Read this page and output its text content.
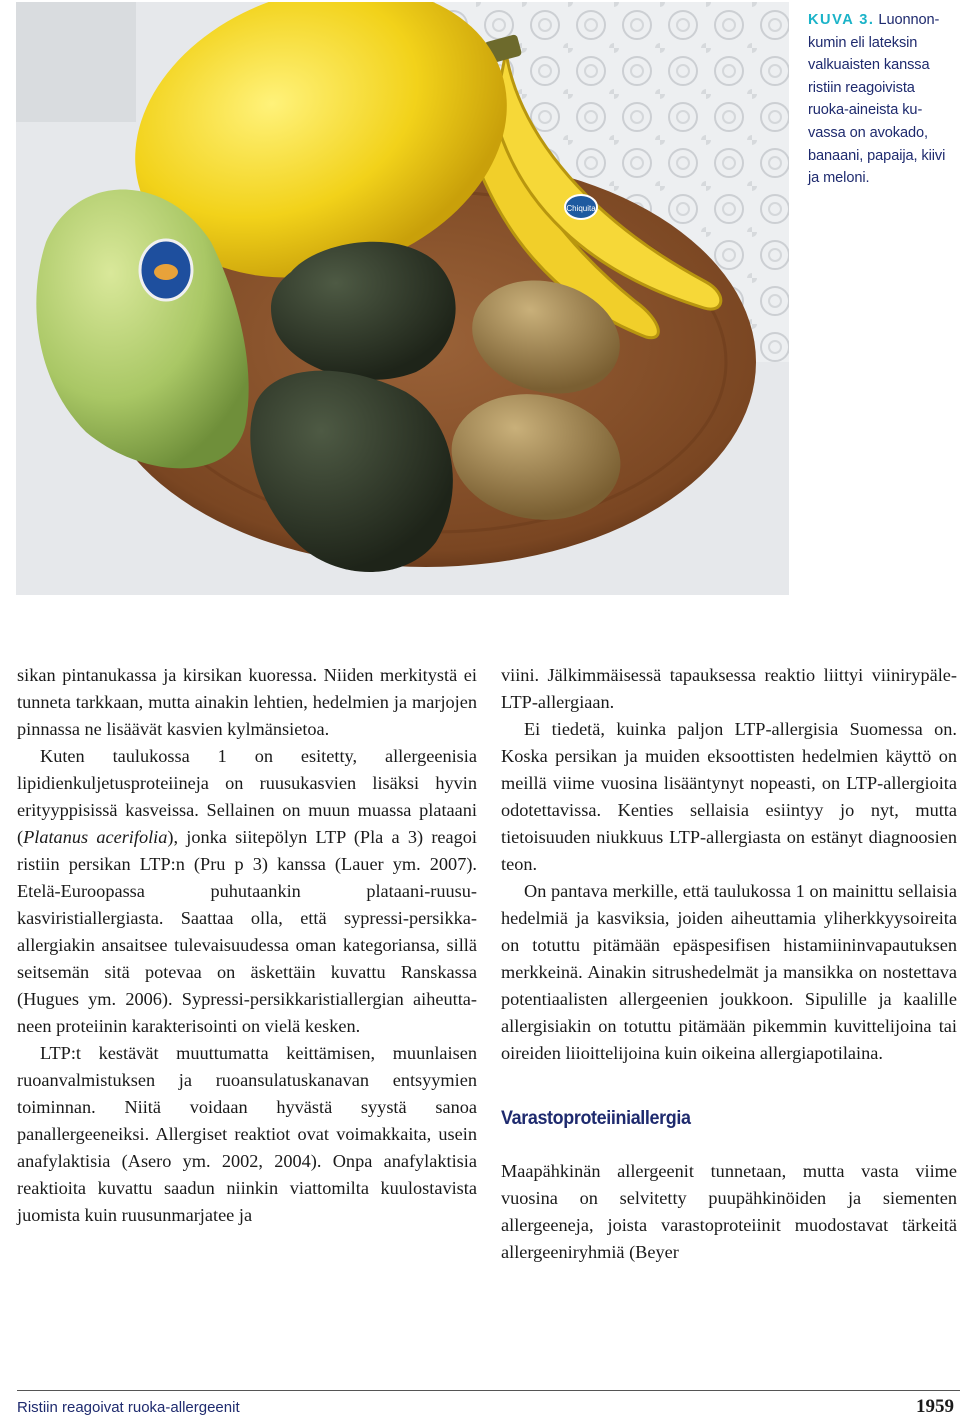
Chiquita
KUVA 3. Luonnonkumin eli lateksin valkuaisten kanssa ristiin reagoivista ruoka-aineista kuvassa on avokado, banaani, papaija, kiivi ja meloni.

sikan pintanukassa ja kirsikan kuoressa. Niiden merkitystä ei tunneta tarkkaan, mutta ainakin lehtien, hedelmien ja marjojen pinnassa ne lisäävät kasvien kylmänsietoa.

Kuten taulukossa 1 on esitetty, allergeenisia lipidienkuljetusproteiineja on ruusukasvien lisäksi hyvin erityyppisissä kasveissa. Sellainen on muun muassa plataani (Platanus acerifolia), jonka siitepölyn LTP (Pla a 3) reagoi ristiin persikan LTP:n (Pru p 3) kanssa (Lauer ym. 2007). Etelä-Euroopassa puhutaankin plataani-ruusukasviristiallergiasta. Saattaa olla, että sypressi-persikka-allergiakin ansaitsee tulevaisuudessa oman kategoriansa, sillä seitsemän sitä potevaa on äskettäin kuvattu Ranskassa (Hugues ym. 2006). Sypressi-persikkaristiallergian aiheuttaneen proteiinin karakterisointi on vielä kesken.

LTP:t kestävät muuttumatta keittämisen, muunlaisen ruoanvalmistuksen ja ruoansulatuskanavan entsyymien toiminnan. Niitä voidaan hyvästä syystä sanoa panallergeeneiksi. Allergiset reaktiot ovat voimakkaita, usein anafylaktisia (Asero ym. 2002, 2004). Onpa anafylaktisia reaktioita kuvattu saadun niinkin viattomilta kuulostavista juomista kuin ruusunmarjatee ja

viini. Jälkimmäisessä tapauksessa reaktio liittyi viinirypäle-LTP-allergiaan.

Ei tiedetä, kuinka paljon LTP-allergisia Suomessa on. Koska persikan ja muiden eksoottisten hedelmien käyttö on meillä viime vuosina lisääntynyt nopeasti, on LTP-allergioita odotettavissa. Kenties sellaisia esiintyy jo nyt, mutta tietoisuuden niukkuus LTP-allergiasta on estänyt diagnoosien teon.

On pantava merkille, että taulukossa 1 on mainittu sellaisia hedelmiä ja kasviksia, joiden aiheuttamia yliherkkyysoireita on totuttu pitämään epäspesifisen histamiininvapautuksen merkkeinä. Ainakin sitrushedelmät ja mansikka on nostettava potentiaalisten allergeenien joukkoon. Sipulille ja kaalille allergisiakin on totuttu pitämään pikemmin kuvittelijoina tai oireiden liioittelijoina kuin oikeina allergiapotilaina.

Varastoproteiiniallergia

Maapähkinän allergeenit tunnetaan, mutta vasta viime vuosina on selvitetty puupähkinöiden ja siementen allergeeneja, joista varastoproteiinit muodostavat tärkeitä allergeeniryhmiä (Beyer

Ristiin reagoivat ruoka-allergeenit	1959
